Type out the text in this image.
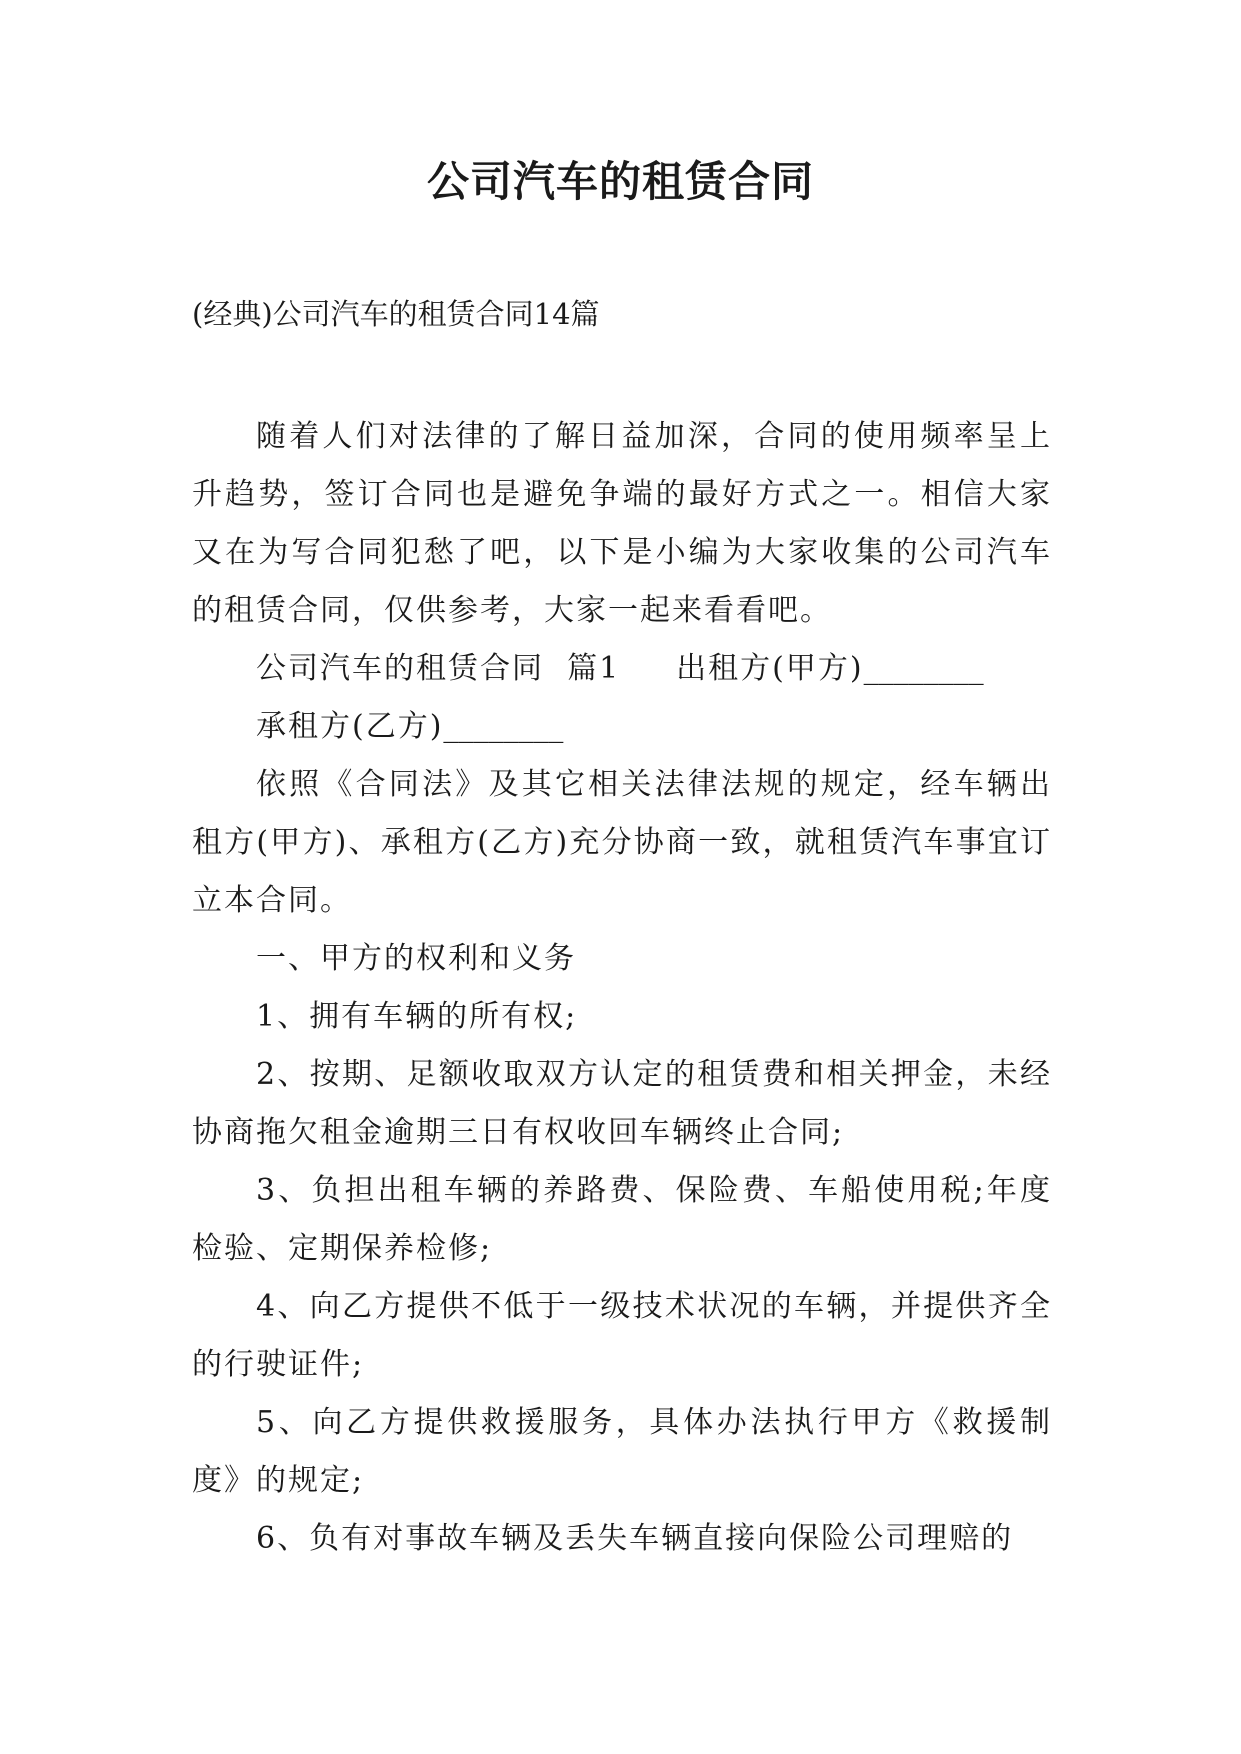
公司汽车的租赁合同

(经典)公司汽车的租赁合同14篇

随着人们对法律的了解日益加深，合同的使用频率呈上升趋势，签订合同也是避免争端的最好方式之一。相信大家又在为写合同犯愁了吧，以下是小编为大家收集的公司汽车的租赁合同，仅供参考，大家一起来看看吧。

公司汽车的租赁合同  篇1 出租方(甲方)________

承租方(乙方)________

依照《合同法》及其它相关法律法规的规定，经车辆出租方(甲方)、承租方(乙方)充分协商一致，就租赁汽车事宜订立本合同。

一、甲方的权利和义务

1、拥有车辆的所有权;

2、按期、足额收取双方认定的租赁费和相关押金，未经协商拖欠租金逾期三日有权收回车辆终止合同;

3、负担出租车辆的养路费、保险费、车船使用税;年度检验、定期保养检修;

4、向乙方提供不低于一级技术状况的车辆，并提供齐全的行驶证件;

5、向乙方提供救援服务，具体办法执行甲方《救援制度》的规定;

6、负有对事故车辆及丢失车辆直接向保险公司理赔的
